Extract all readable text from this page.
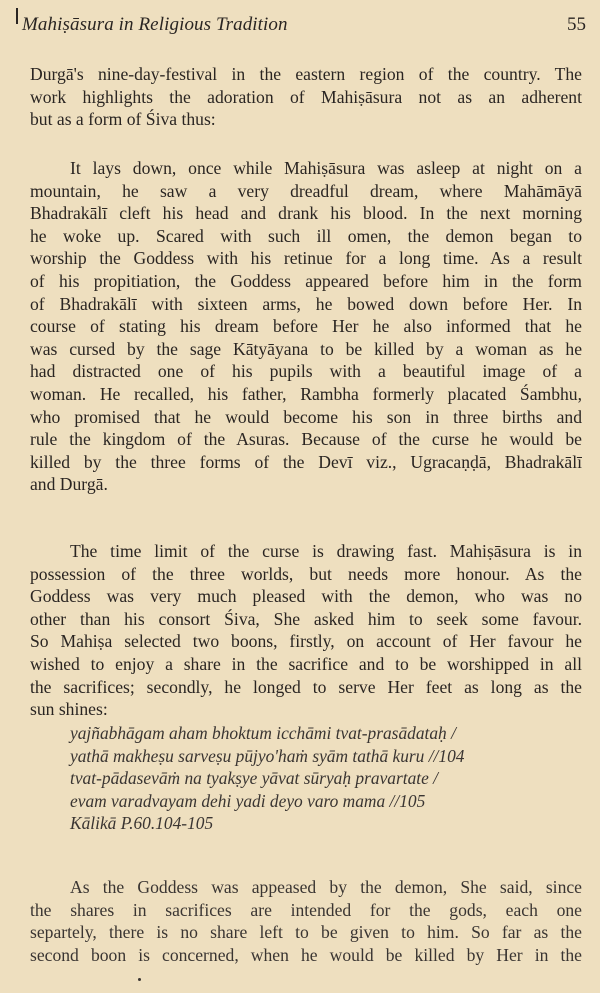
Mahiṣāsura in Religious Tradition	55
Durgā's nine-day-festival in the eastern region of the country. The
work highlights the adoration of Mahiṣāsura not as an adherent
but as a form of Śiva thus:
It lays down, once while Mahiṣāsura was asleep at night on a
mountain, he saw a very dreadful dream, where Mahāmāyā
Bhadrakālī cleft his head and drank his blood. In the next morning
he woke up. Scared with such ill omen, the demon began to
worship the Goddess with his retinue for a long time. As a result
of his propitiation, the Goddess appeared before him in the form
of Bhadrakālī with sixteen arms, he bowed down before Her. In
course of stating his dream before Her he also informed that he
was cursed by the sage Kātyāyana to be killed by a woman as he
had distracted one of his pupils with a beautiful image of a
woman. He recalled, his father, Rambha formerly placated Śambhu,
who promised that he would become his son in three births and
rule the kingdom of the Asuras. Because of the curse he would be
killed by the three forms of the Devī viz., Ugracaṇḍā, Bhadrakālī
and Durgā.
The time limit of the curse is drawing fast. Mahiṣāsura is in
possession of the three worlds, but needs more honour. As the
Goddess was very much pleased with the demon, who was no
other than his consort Śiva, She asked him to seek some favour.
So Mahiṣa selected two boons, firstly, on account of Her favour he
wished to enjoy a share in the sacrifice and to be worshipped in all
the sacrifices; secondly, he longed to serve Her feet as long as the
sun shines:
yajñabhāgam aham bhoktum icchāmi tvat-prasādataḥ /
yathā makheṣu sarveṣu pūjyo'haṁ syām tathā kuru //104
tvat-pādasevāṁ na tyakṣye yāvat sūryaḥ pravartate /
evam varadvayam dehi yadi deyo varo mama //105
Kālikā P.60.104-105
As the Goddess was appeased by the demon, She said, since
the shares in sacrifices are intended for the gods, each one
separtely, there is no share left to be given to him. So far as the
second boon is concerned, when he would be killed by Her in the
